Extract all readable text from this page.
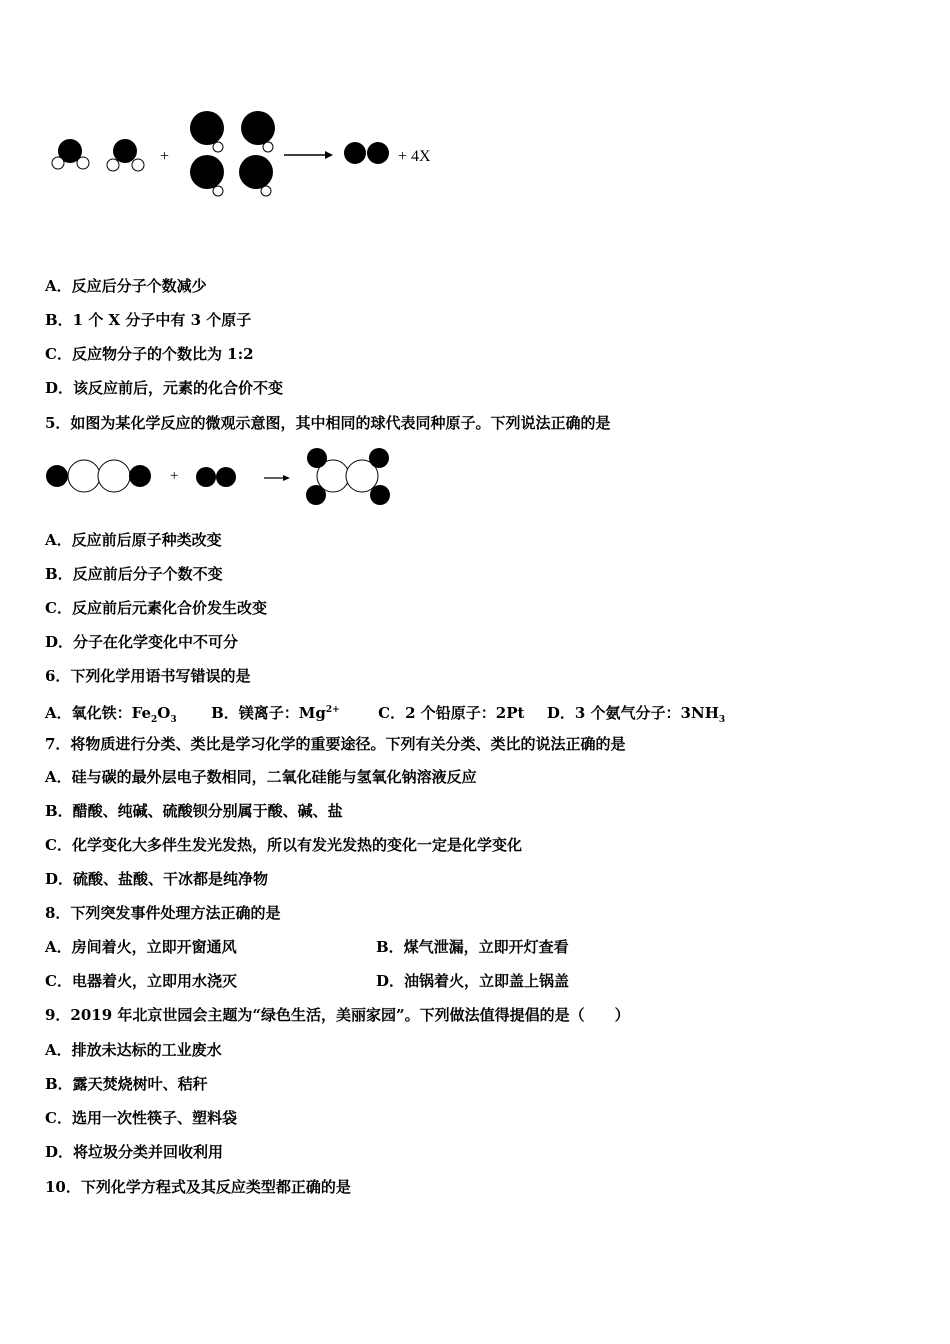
+	+ 4X
A．反应后分子个数减少
B．1 个 X 分子中有 3 个原子
C．反应物分子的个数比为 1:2
D．该反应前后，元素的化合价不变
5．如图为某化学反应的微观示意图，其中相同的球代表同种原子。下列说法正确的是
+
A．反应前后原子种类改变
B．反应前后分子个数不变
C．反应前后元素化合价发生改变
D．分子在化学变化中不可分
6．下列化学用语书写错误的是
A．氧化铁：$Fe_2O_3$ B．镁离子：$Mg^{2+}$	C．2 个铅原子：2Pt D．3 个氨气分子：$3NH_3$
7．将物质进行分类、类比是学习化学的重要途径。下列有关分类、类比的说法正确的是
A．硅与碳的最外层电子数相同，二氧化硅能与氢氧化钠溶液反应
B．醋酸、纯碱、硫酸钡分别属于酸、碱、盐
C．化学变化大多伴生发光发热，所以有发光发热的变化一定是化学变化
D．硫酸、盐酸、干冰都是纯净物
8．下列突发事件处理方法正确的是
A．房间着火，立即开窗通风	B．煤气泄漏，立即开灯查看
C．电器着火，立即用水浇灭	D．油锅着火，立即盖上锅盖
9．2019 年北京世园会主题为“绿色生活，美丽家园”。下列做法值得提倡的是（　　）
A．排放未达标的工业废水
B．露天焚烧树叶、秸秆
C．选用一次性筷子、塑料袋
D．将垃圾分类并回收利用
10．下列化学方程式及其反应类型都正确的是
